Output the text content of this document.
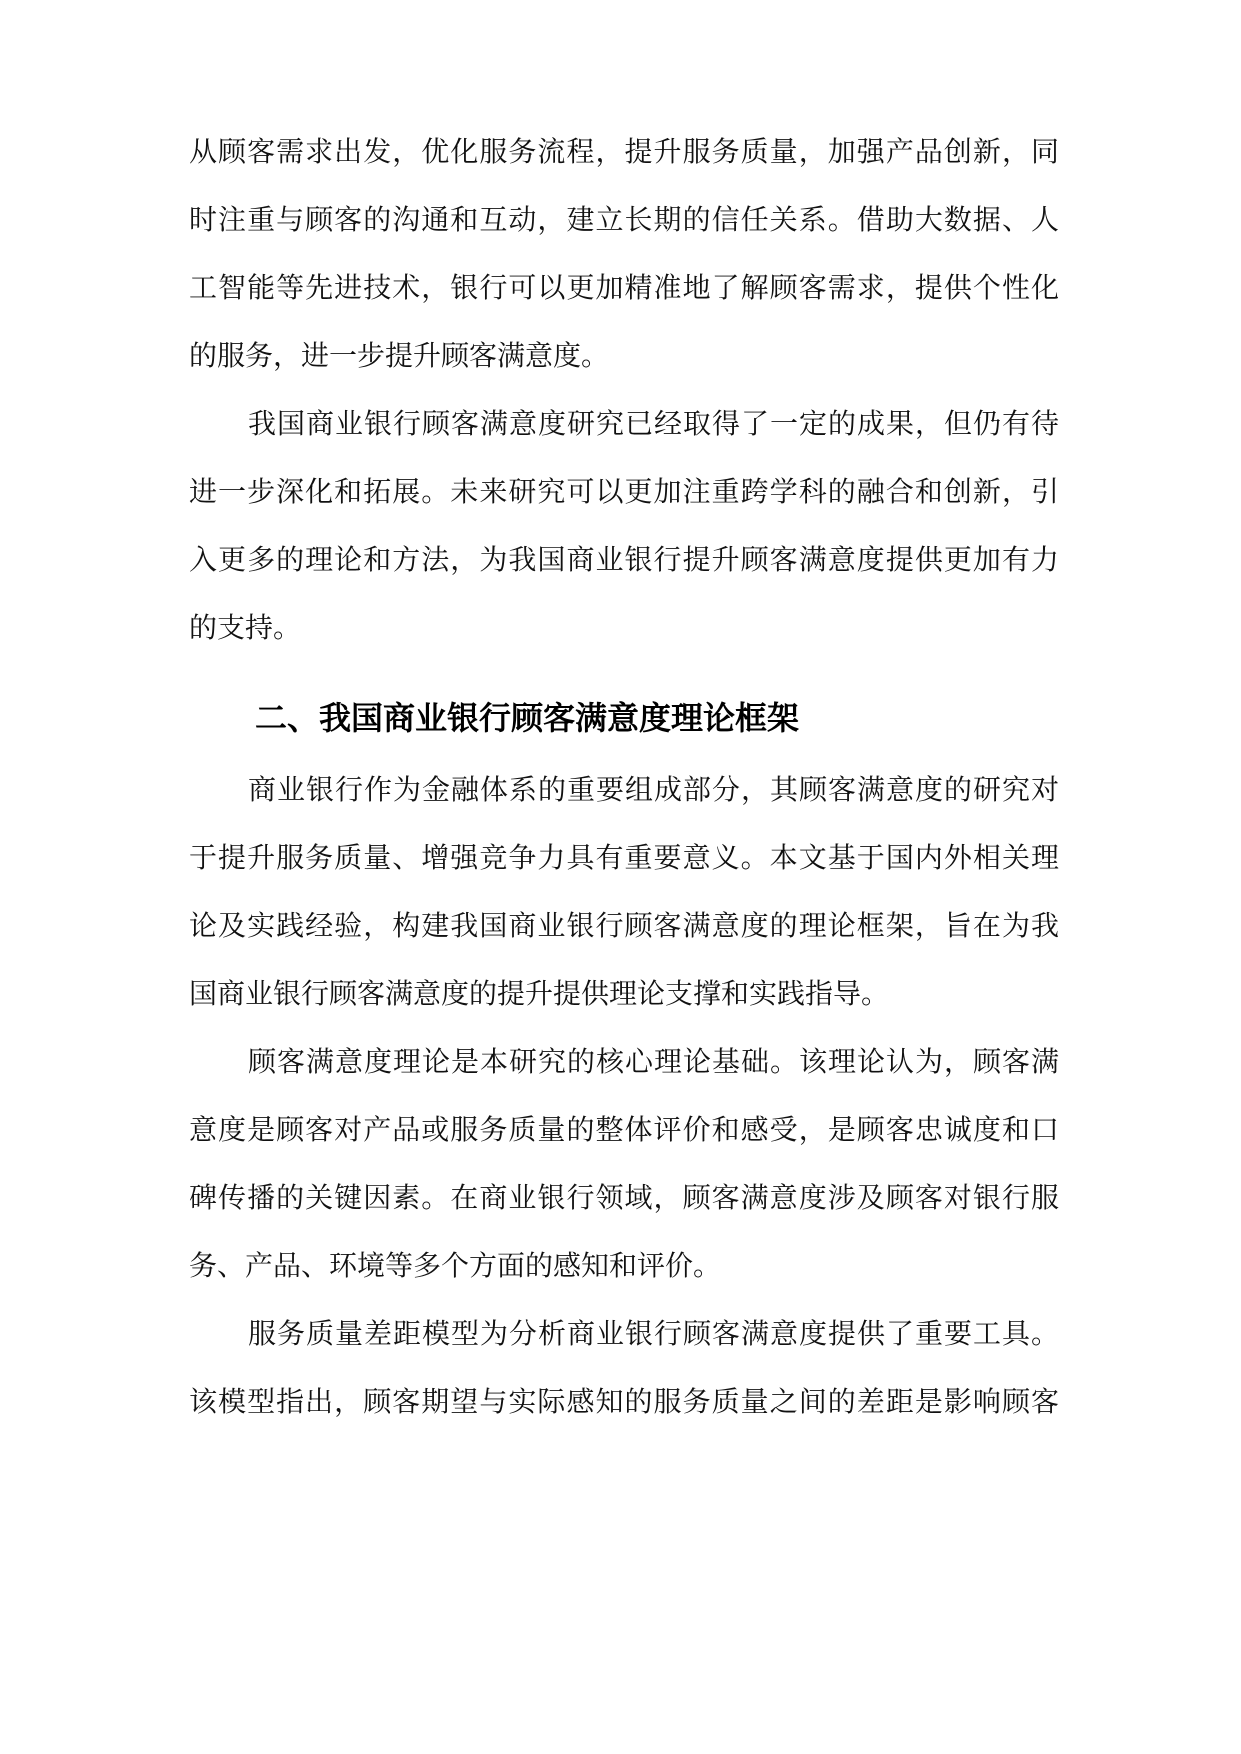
从顾客需求出发，优化服务流程，提升服务质量，加强产品创新，同
时注重与顾客的沟通和互动，建立长期的信任关系。借助大数据、人
工智能等先进技术，银行可以更加精准地了解顾客需求，提供个性化
的服务，进一步提升顾客满意度。
我国商业银行顾客满意度研究已经取得了一定的成果，但仍有待
进一步深化和拓展。未来研究可以更加注重跨学科的融合和创新，引
入更多的理论和方法，为我国商业银行提升顾客满意度提供更加有力
的支持。
二、我国商业银行顾客满意度理论框架
商业银行作为金融体系的重要组成部分，其顾客满意度的研究对
于提升服务质量、增强竞争力具有重要意义。本文基于国内外相关理
论及实践经验，构建我国商业银行顾客满意度的理论框架，旨在为我
国商业银行顾客满意度的提升提供理论支撑和实践指导。
顾客满意度理论是本研究的核心理论基础。该理论认为，顾客满
意度是顾客对产品或服务质量的整体评价和感受，是顾客忠诚度和口
碑传播的关键因素。在商业银行领域，顾客满意度涉及顾客对银行服
务、产品、环境等多个方面的感知和评价。
服务质量差距模型为分析商业银行顾客满意度提供了重要工具。
该模型指出，顾客期望与实际感知的服务质量之间的差距是影响顾客
